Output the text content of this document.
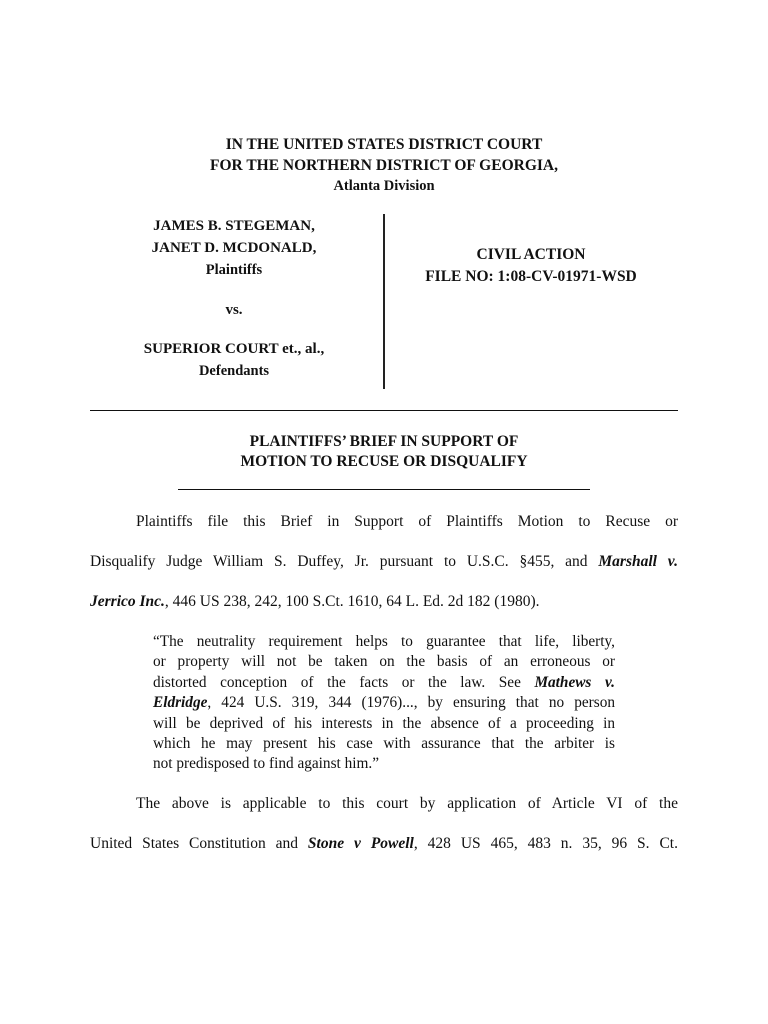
IN THE UNITED STATES DISTRICT COURT
FOR THE NORTHERN DISTRICT OF GEORGIA,
Atlanta Division
JAMES B. STEGEMAN,
JANET D. MCDONALD,
Plaintiffs
vs.
SUPERIOR COURT et., al.,
Defendants
CIVIL ACTION
FILE NO: 1:08-CV-01971-WSD
PLAINTIFFS’ BRIEF IN SUPPORT OF
MOTION TO RECUSE OR DISQUALIFY
Plaintiffs file this Brief in Support of Plaintiffs Motion to Recuse or
Disqualify Judge William S. Duffey, Jr. pursuant to U.S.C. §455, and Marshall v.
Jerrico Inc., 446 US 238, 242, 100 S.Ct. 1610, 64 L. Ed. 2d 182 (1980).
“The neutrality requirement helps to guarantee that life, liberty,
or property will not be taken on the basis of an erroneous or
distorted conception of the facts or the law. See Mathews v.
Eldridge, 424 U.S. 319, 344 (1976)..., by ensuring that no person
will be deprived of his interests in the absence of a proceeding in
which he may present his case with assurance that the arbiter is
not predisposed to find against him.”
The above is applicable to this court by application of Article VI of the
United States Constitution and Stone v Powell, 428 US 465, 483 n. 35, 96 S. Ct.
